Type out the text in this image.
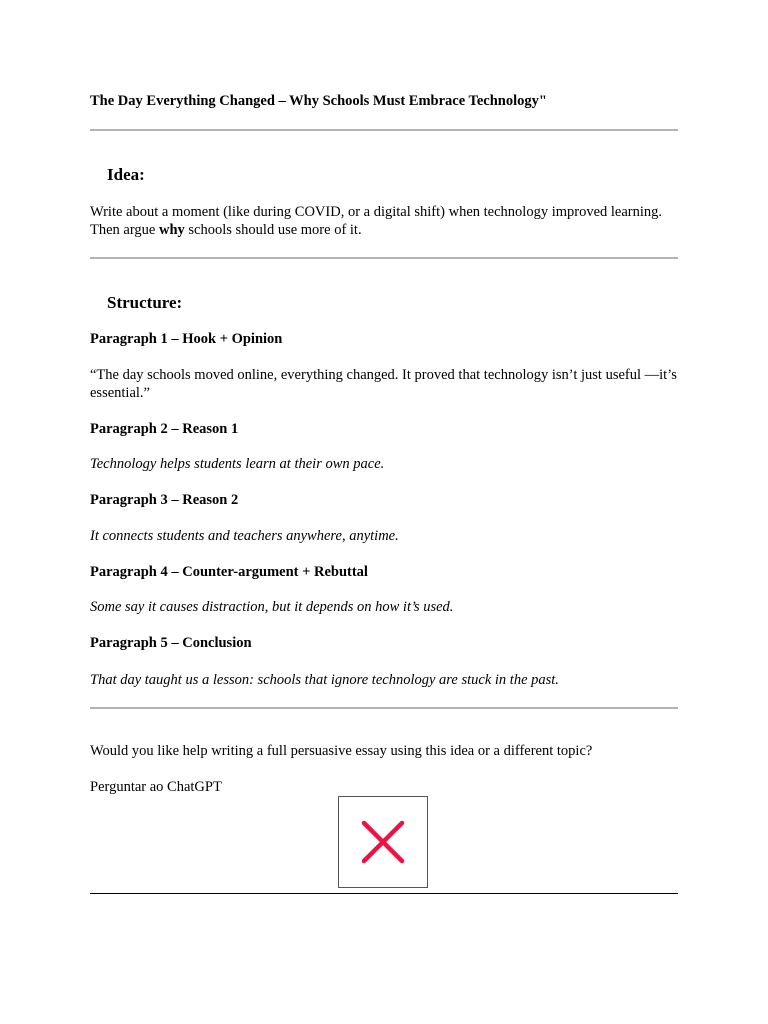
The Day Everything Changed – Why Schools Must Embrace Technology"
Idea:
Write about a moment (like during COVID, or a digital shift) when technology improved learning. Then argue why schools should use more of it.
Structure:
Paragraph 1 – Hook + Opinion
“The day schools moved online, everything changed. It proved that technology isn’t just useful —it’s essential.”
Paragraph 2 – Reason 1
Technology helps students learn at their own pace.
Paragraph 3 – Reason 2
It connects students and teachers anywhere, anytime.
Paragraph 4 – Counter-argument + Rebuttal
Some say it causes distraction, but it depends on how it’s used.
Paragraph 5 – Conclusion
That day taught us a lesson: schools that ignore technology are stuck in the past.
Would you like help writing a full persuasive essay using this idea or a different topic?
Perguntar ao ChatGPT
